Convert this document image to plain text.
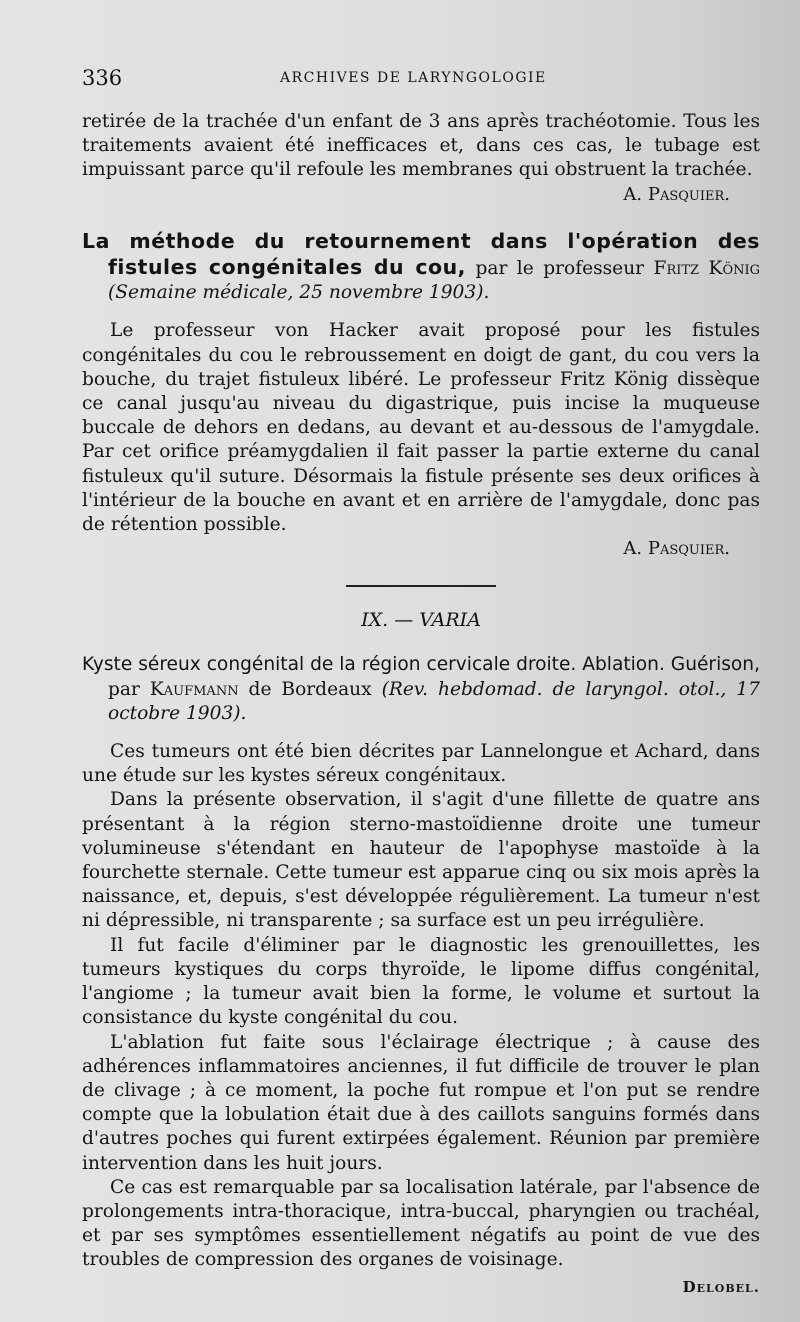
336	ARCHIVES DE LARYNGOLOGIE

retirée de la trachée d'un enfant de 3 ans après trachéotomie. Tous les traitements avaient été inefficaces et, dans ces cas, le tubage est impuissant parce qu'il refoule les membranes qui obstruent la trachée.

A. Pasquier.

La méthode du retournement dans l'opération des fistules congénitales du cou, par le professeur Fritz König (Semaine médicale, 25 novembre 1903).

Le professeur von Hacker avait proposé pour les fistules congénitales du cou le rebroussement en doigt de gant, du cou vers la bouche, du trajet fistuleux libéré. Le professeur Fritz König dissèque ce canal jusqu'au niveau du digastrique, puis incise la muqueuse buccale de dehors en dedans, au devant et au-dessous de l'amygdale. Par cet orifice préamygdalien il fait passer la partie externe du canal fistuleux qu'il suture. Désormais la fistule présente ses deux orifices à l'intérieur de la bouche en avant et en arrière de l'amygdale, donc pas de rétention possible.

A. Pasquier.

IX. — VARIA

Kyste séreux congénital de la région cervicale droite. Ablation. Guérison, par Kaufmann de Bordeaux (Rev. hebdomad. de laryngol. otol., 17 octobre 1903).

Ces tumeurs ont été bien décrites par Lannelongue et Achard, dans une étude sur les kystes séreux congénitaux.

Dans la présente observation, il s'agit d'une fillette de quatre ans présentant à la région sterno-mastoïdienne droite une tumeur volumineuse s'étendant en hauteur de l'apophyse mastoïde à la fourchette sternale. Cette tumeur est apparue cinq ou six mois après la naissance, et, depuis, s'est développée régulièrement. La tumeur n'est ni dépressible, ni transparente ; sa surface est un peu irrégulière.

Il fut facile d'éliminer par le diagnostic les grenouillettes, les tumeurs kystiques du corps thyroïde, le lipome diffus congénital, l'angiome ; la tumeur avait bien la forme, le volume et surtout la consistance du kyste congénital du cou.

L'ablation fut faite sous l'éclairage électrique ; à cause des adhérences inflammatoires anciennes, il fut difficile de trouver le plan de clivage ; à ce moment, la poche fut rompue et l'on put se rendre compte que la lobulation était due à des caillots sanguins formés dans d'autres poches qui furent extirpées également. Réunion par première intervention dans les huit jours.

Ce cas est remarquable par sa localisation latérale, par l'absence de prolongements intra-thoracique, intra-buccal, pharyngien ou trachéal, et par ses symptômes essentiellement négatifs au point de vue des troubles de compression des organes de voisinage.

Delobel.
